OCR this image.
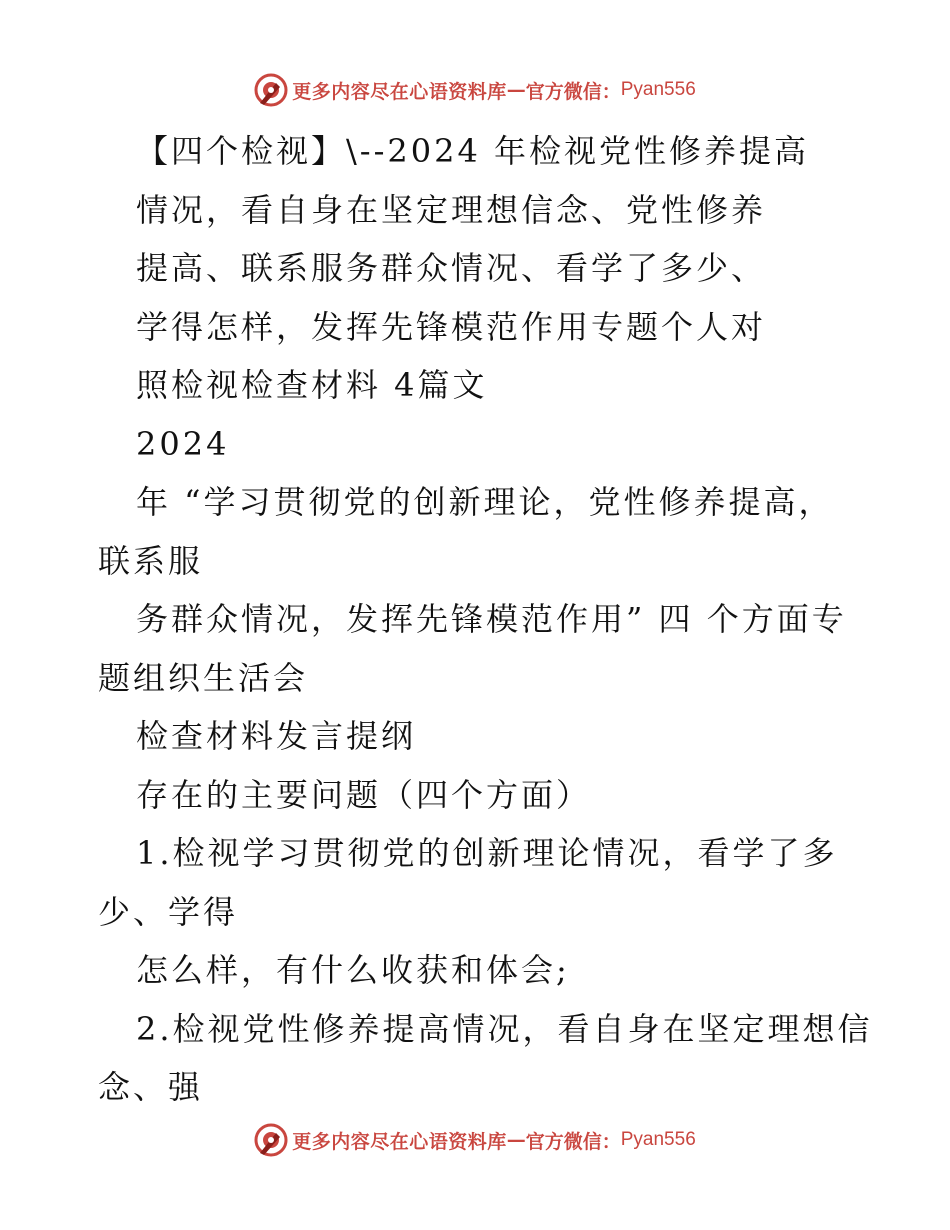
更多内容尽在心语资料库 — 官方微信： Pyan556
【四个检视】\--2024 年检视党性修养提高
情况，看自身在坚定理想信念、党性修养
提高、联系服务群众情况、看学了多少、
学得怎样，发挥先锋模范作用专题个人对
照检视检查材料 4篇文
2024
年 “学习贯彻党的创新理论，党性修养提高，
联系服
务群众情况，发挥先锋模范作用” 四 个方面专
题组织生活会
检查材料发言提纲
存在的主要问题（四个方面）
1.检视学习贯彻党的创新理论情况，看学了多
少、学得
怎么样，有什么收获和体会;
2.检视党性修养提高情况，看自身在坚定理想信
念、强
更多内容尽在心语资料库 — 官方微信： Pyan556
